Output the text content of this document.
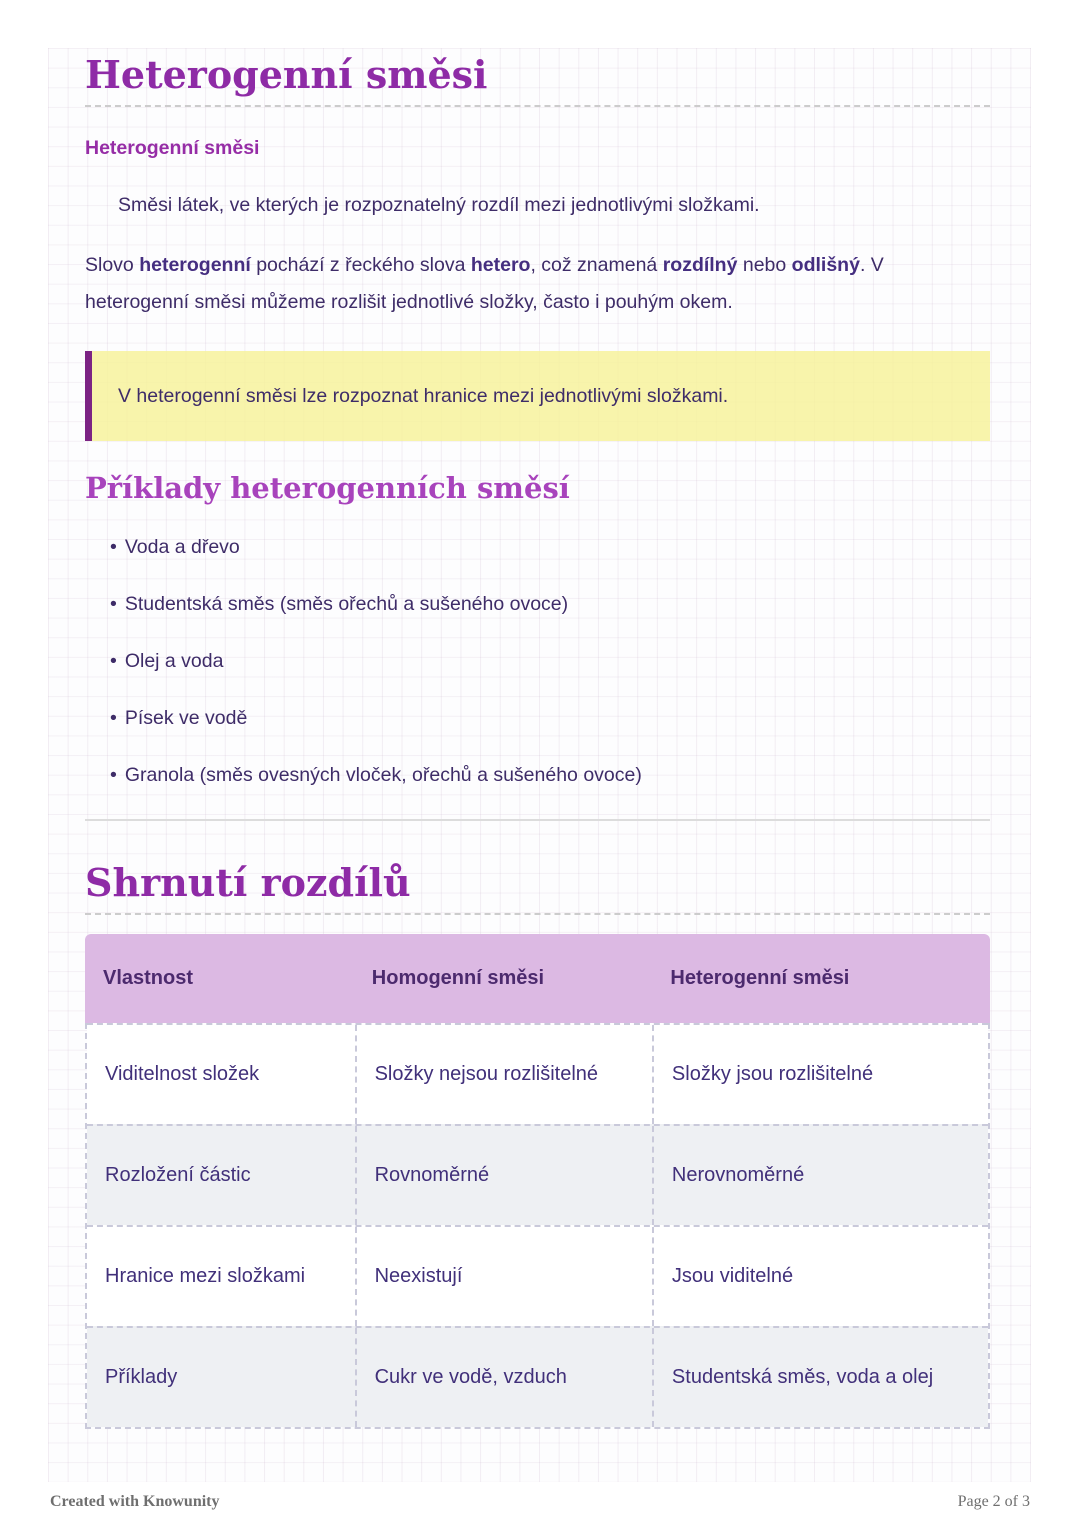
Heterogenní směsi
Heterogenní směsi

Směsi látek, ve kterých je rozpoznatelný rozdíl mezi jednotlivými složkami.

Slovo heterogenní pochází z řeckého slova hetero, což znamená rozdílný nebo odlišný. V heterogenní směsi můžeme rozlišit jednotlivé složky, často i pouhým okem.

V heterogenní směsi lze rozpoznat hranice mezi jednotlivými složkami.
Příklady heterogenních směsí
• Voda a dřevo
• Studentská směs (směs ořechů a sušeného ovoce)
• Olej a voda
• Písek ve vodě
• Granola (směs ovesných vloček, ořechů a sušeného ovoce)
Shrnutí rozdílů
Vlastnost	Homogenní směsi	Heterogenní směsi
Viditelnost složek	Složky nejsou rozlišitelné	Složky jsou rozlišitelné
Rozložení částic	Rovnoměrné	Nerovnoměrné
Hranice mezi složkami	Neexistují	Jsou viditelné
Příklady	Cukr ve vodě, vzduch	Studentská směs, voda a olej
Created with Knowunity	Page 2 of 3
